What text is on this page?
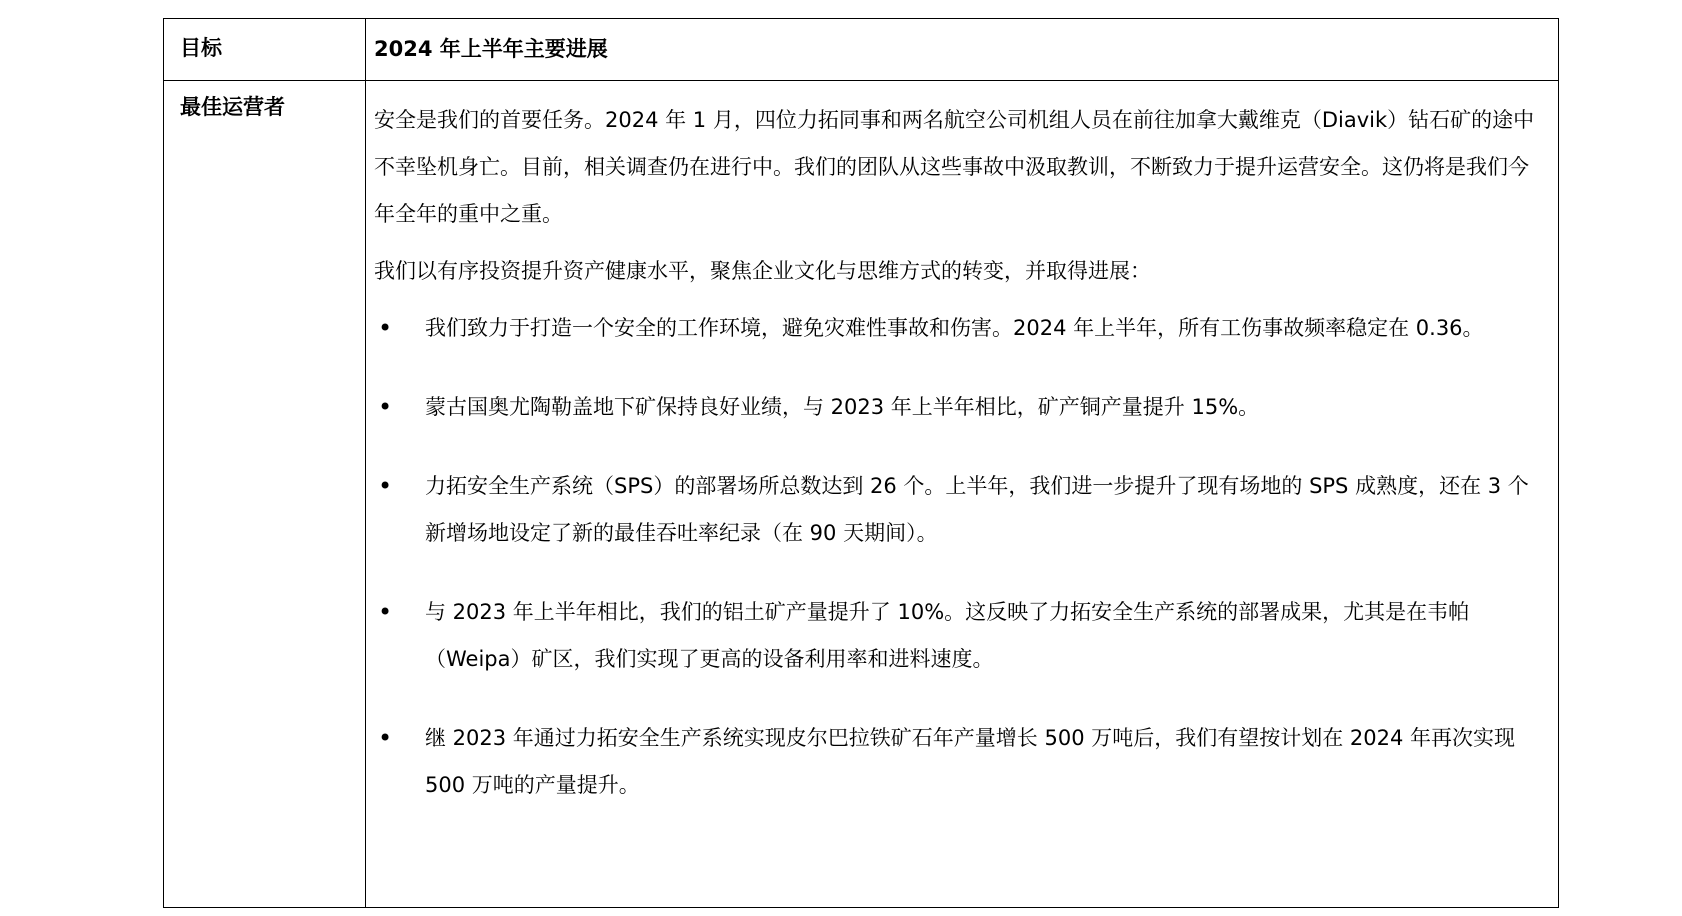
目标	2024 年上半年主要进展
最佳运营者

安全是我们的首要任务。2024 年 1 月，四位力拓同事和两名航空公司机组人员在前往加拿大戴维克（Diavik）钻石矿的途中不幸坠机身亡。目前，相关调查仍在进行中。我们的团队从这些事故中汲取教训，不断致力于提升运营安全。这仍将是我们今年全年的重中之重。

我们以有序投资提升资产健康水平，聚焦企业文化与思维方式的转变，并取得进展：

• 我们致力于打造一个安全的工作环境，避免灾难性事故和伤害。2024 年上半年，所有工伤事故频率稳定在 0.36。
• 蒙古国奥尤陶勒盖地下矿保持良好业绩，与 2023 年上半年相比，矿产铜产量提升 15%。
• 力拓安全生产系统（SPS）的部署场所总数达到 26 个。上半年，我们进一步提升了现有场地的 SPS 成熟度，还在 3 个新增场地设定了新的最佳吞吐率纪录（在 90 天期间）。
• 与 2023 年上半年相比，我们的铝土矿产量提升了 10%。这反映了力拓安全生产系统的部署成果，尤其是在韦帕（Weipa）矿区，我们实现了更高的设备利用率和进料速度。
• 继 2023 年通过力拓安全生产系统实现皮尔巴拉铁矿石年产量增长 500 万吨后，我们有望按计划在 2024 年再次实现 500 万吨的产量提升。
